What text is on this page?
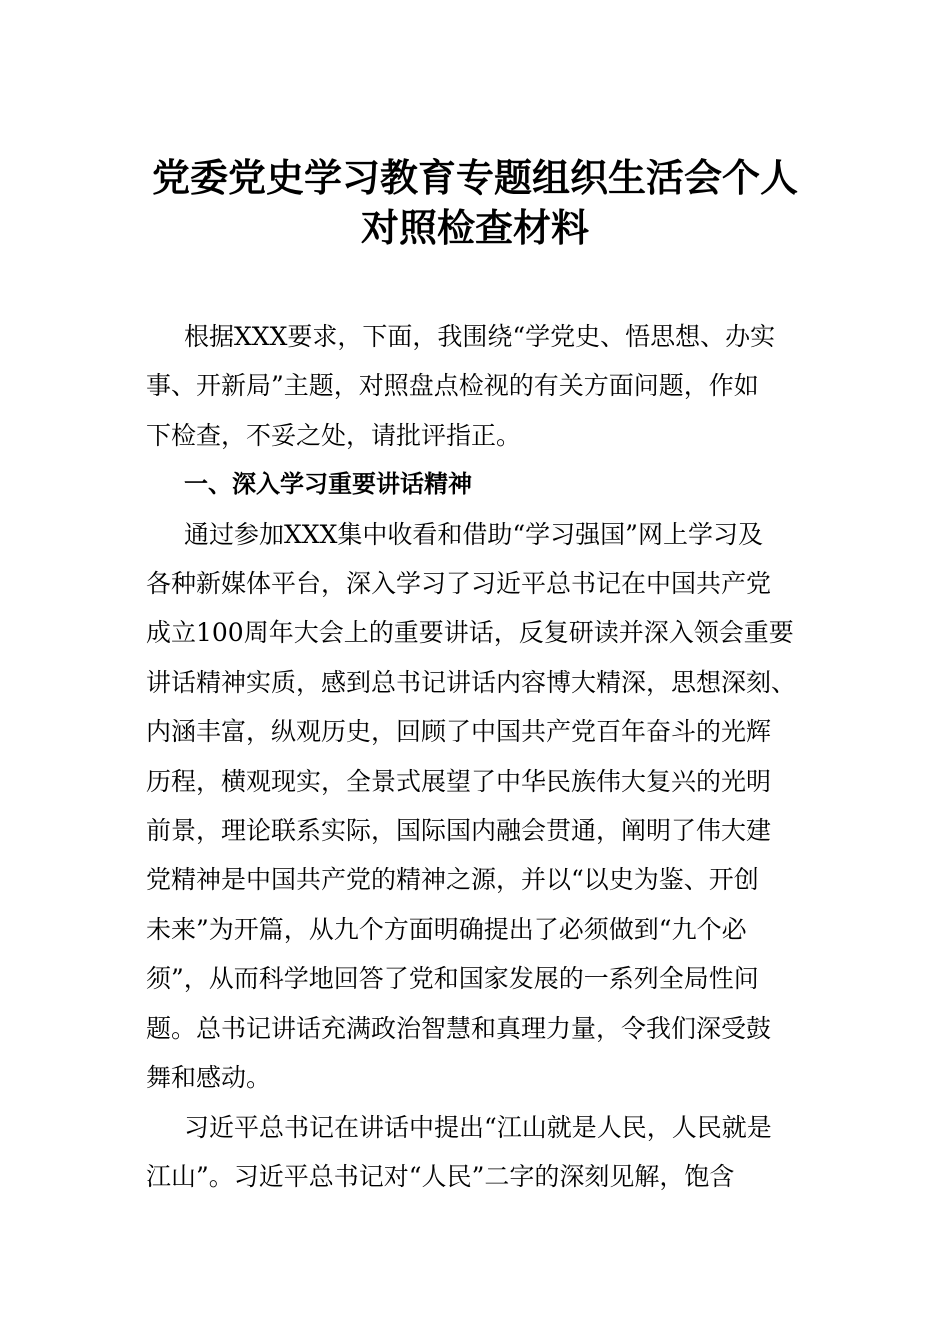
党委党史学习教育专题组织生活会个人
对照检查材料

根据XXX要求，下面，我围绕“学党史、悟思想、办实
事、开新局”主题，对照盘点检视的有关方面问题，作如
下检查，不妥之处，请批评指正。

一、深入学习重要讲话精神

通过参加XXX集中收看和借助“学习强国”网上学习及
各种新媒体平台，深入学习了习近平总书记在中国共产党
成立100周年大会上的重要讲话，反复研读并深入领会重要
讲话精神实质，感到总书记讲话内容博大精深，思想深刻、
内涵丰富，纵观历史，回顾了中国共产党百年奋斗的光辉
历程，横观现实，全景式展望了中华民族伟大复兴的光明
前景，理论联系实际，国际国内融会贯通，阐明了伟大建
党精神是中国共产党的精神之源，并以“以史为鉴、开创
未来”为开篇，从九个方面明确提出了必须做到“九个必
须”，从而科学地回答了党和国家发展的一系列全局性问
题。总书记讲话充满政治智慧和真理力量，令我们深受鼓
舞和感动。

习近平总书记在讲话中提出“江山就是人民，人民就是
江山”。习近平总书记对“人民”二字的深刻见解，饱含
